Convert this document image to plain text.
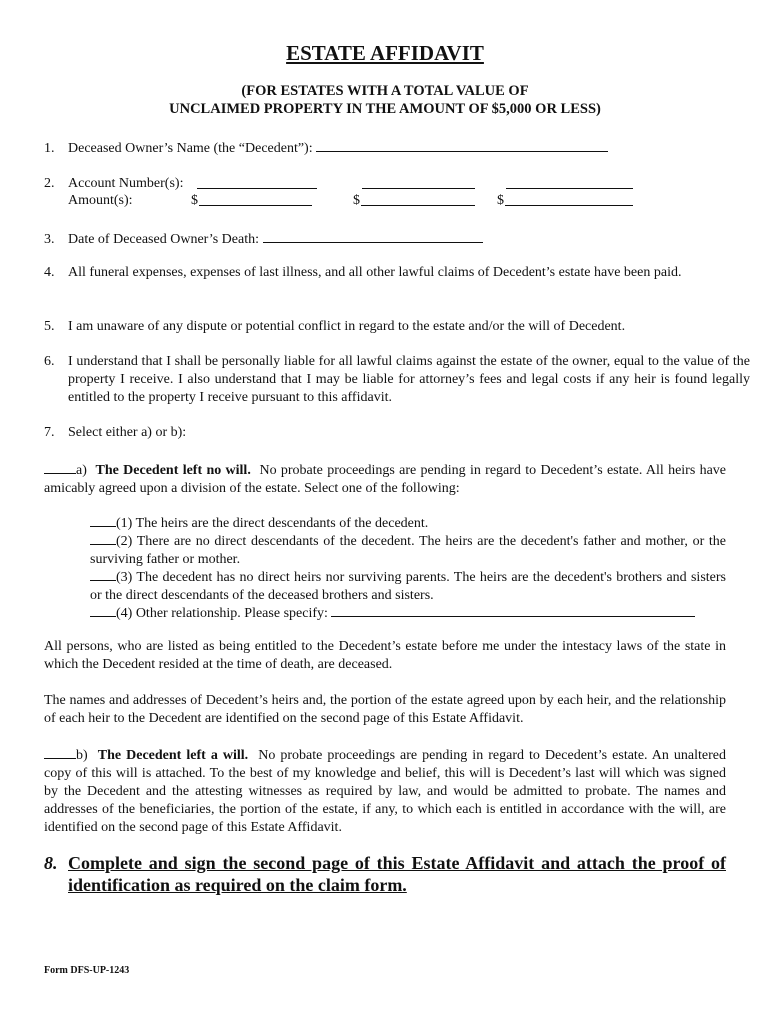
ESTATE AFFIDAVIT
(FOR ESTATES WITH A TOTAL VALUE OF
UNCLAIMED PROPERTY IN THE AMOUNT OF $5,000 OR LESS)
1. Deceased Owner’s Name (the “Decedent”):
2. Account Number(s):
Amount(s):	$	$	$
3. Date of Deceased Owner’s Death:
4. All funeral expenses, expenses of last illness, and all other lawful claims of Decedent’s estate have been paid.
5. I am unaware of any dispute or potential conflict in regard to the estate and/or the will of Decedent.
6. I understand that I shall be personally liable for all lawful claims against the estate of the owner, equal to the value of the property I receive. I also understand that I may be liable for attorney’s fees and legal costs if any heir is found legally entitled to the property I receive pursuant to this affidavit.
7. Select either a) or b):
a) The Decedent left no will. No probate proceedings are pending in regard to Decedent’s estate. All heirs have amicably agreed upon a division of the estate. Select one of the following:
(1) The heirs are the direct descendants of the decedent.
(2) There are no direct descendants of the decedent. The heirs are the decedent's father and mother, or the surviving father or mother.
(3) The decedent has no direct heirs nor surviving parents. The heirs are the decedent's brothers and sisters or the direct descendants of the deceased brothers and sisters.
(4) Other relationship. Please specify:
All persons, who are listed as being entitled to the Decedent’s estate before me under the intestacy laws of the state in which the Decedent resided at the time of death, are deceased.
The names and addresses of Decedent’s heirs and, the portion of the estate agreed upon by each heir, and the relationship of each heir to the Decedent are identified on the second page of this Estate Affidavit.
b) The Decedent left a will. No probate proceedings are pending in regard to Decedent’s estate. An unaltered copy of this will is attached. To the best of my knowledge and belief, this will is Decedent’s last will which was signed by the Decedent and the attesting witnesses as required by law, and would be admitted to probate. The names and addresses of the beneficiaries, the portion of the estate, if any, to which each is entitled in accordance with the will, are identified on the second page of this Estate Affidavit.
8. Complete and sign the second page of this Estate Affidavit and attach the proof of identification as required on the claim form.
Form DFS-UP-1243
